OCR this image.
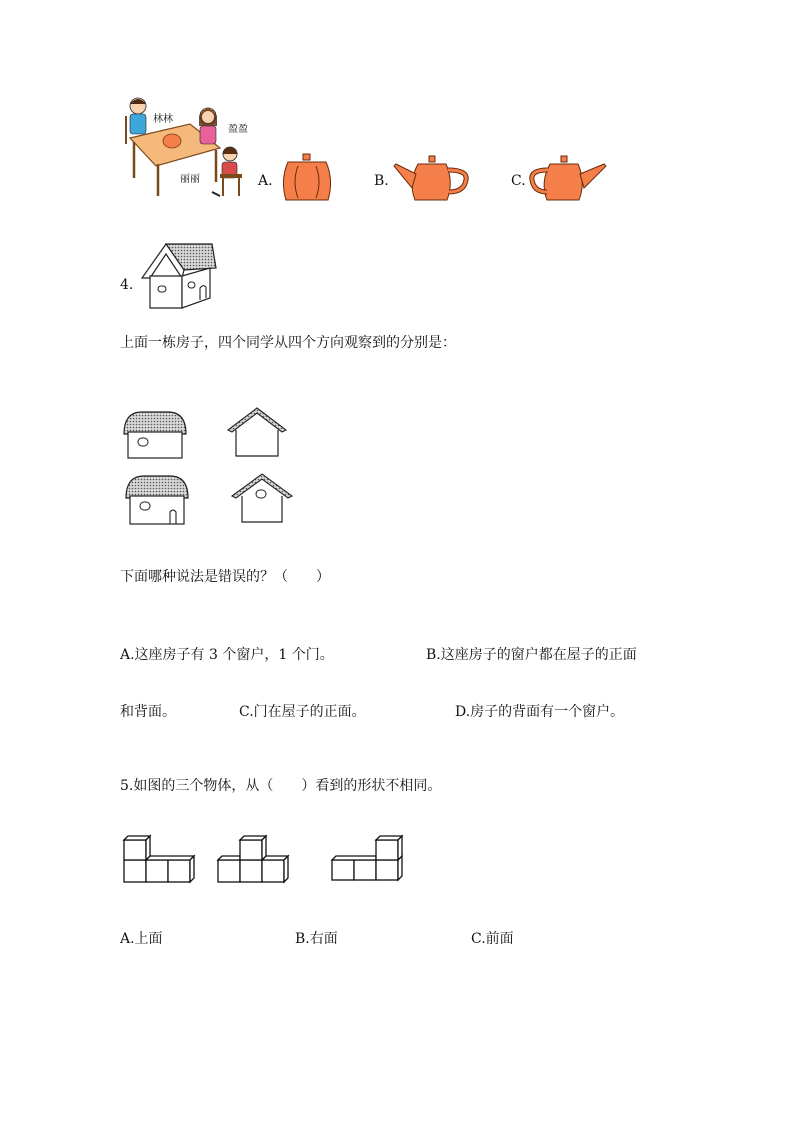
林林
盈盈
丽丽	A.	B.	C.
4.
上面一栋房子，四个同学从四个方向观察到的分别是：
下面哪种说法是错误的？（　　）
A.这座房子有 3 个窗户，1 个门。	B.这座房子的窗户都在屋子的正面
和背面。	C.门在屋子的正面。	D.房子的背面有一个窗户。
5.如图的三个物体，从（　　）看到的形状不相同。
A.上面	B.右面	C.前面
